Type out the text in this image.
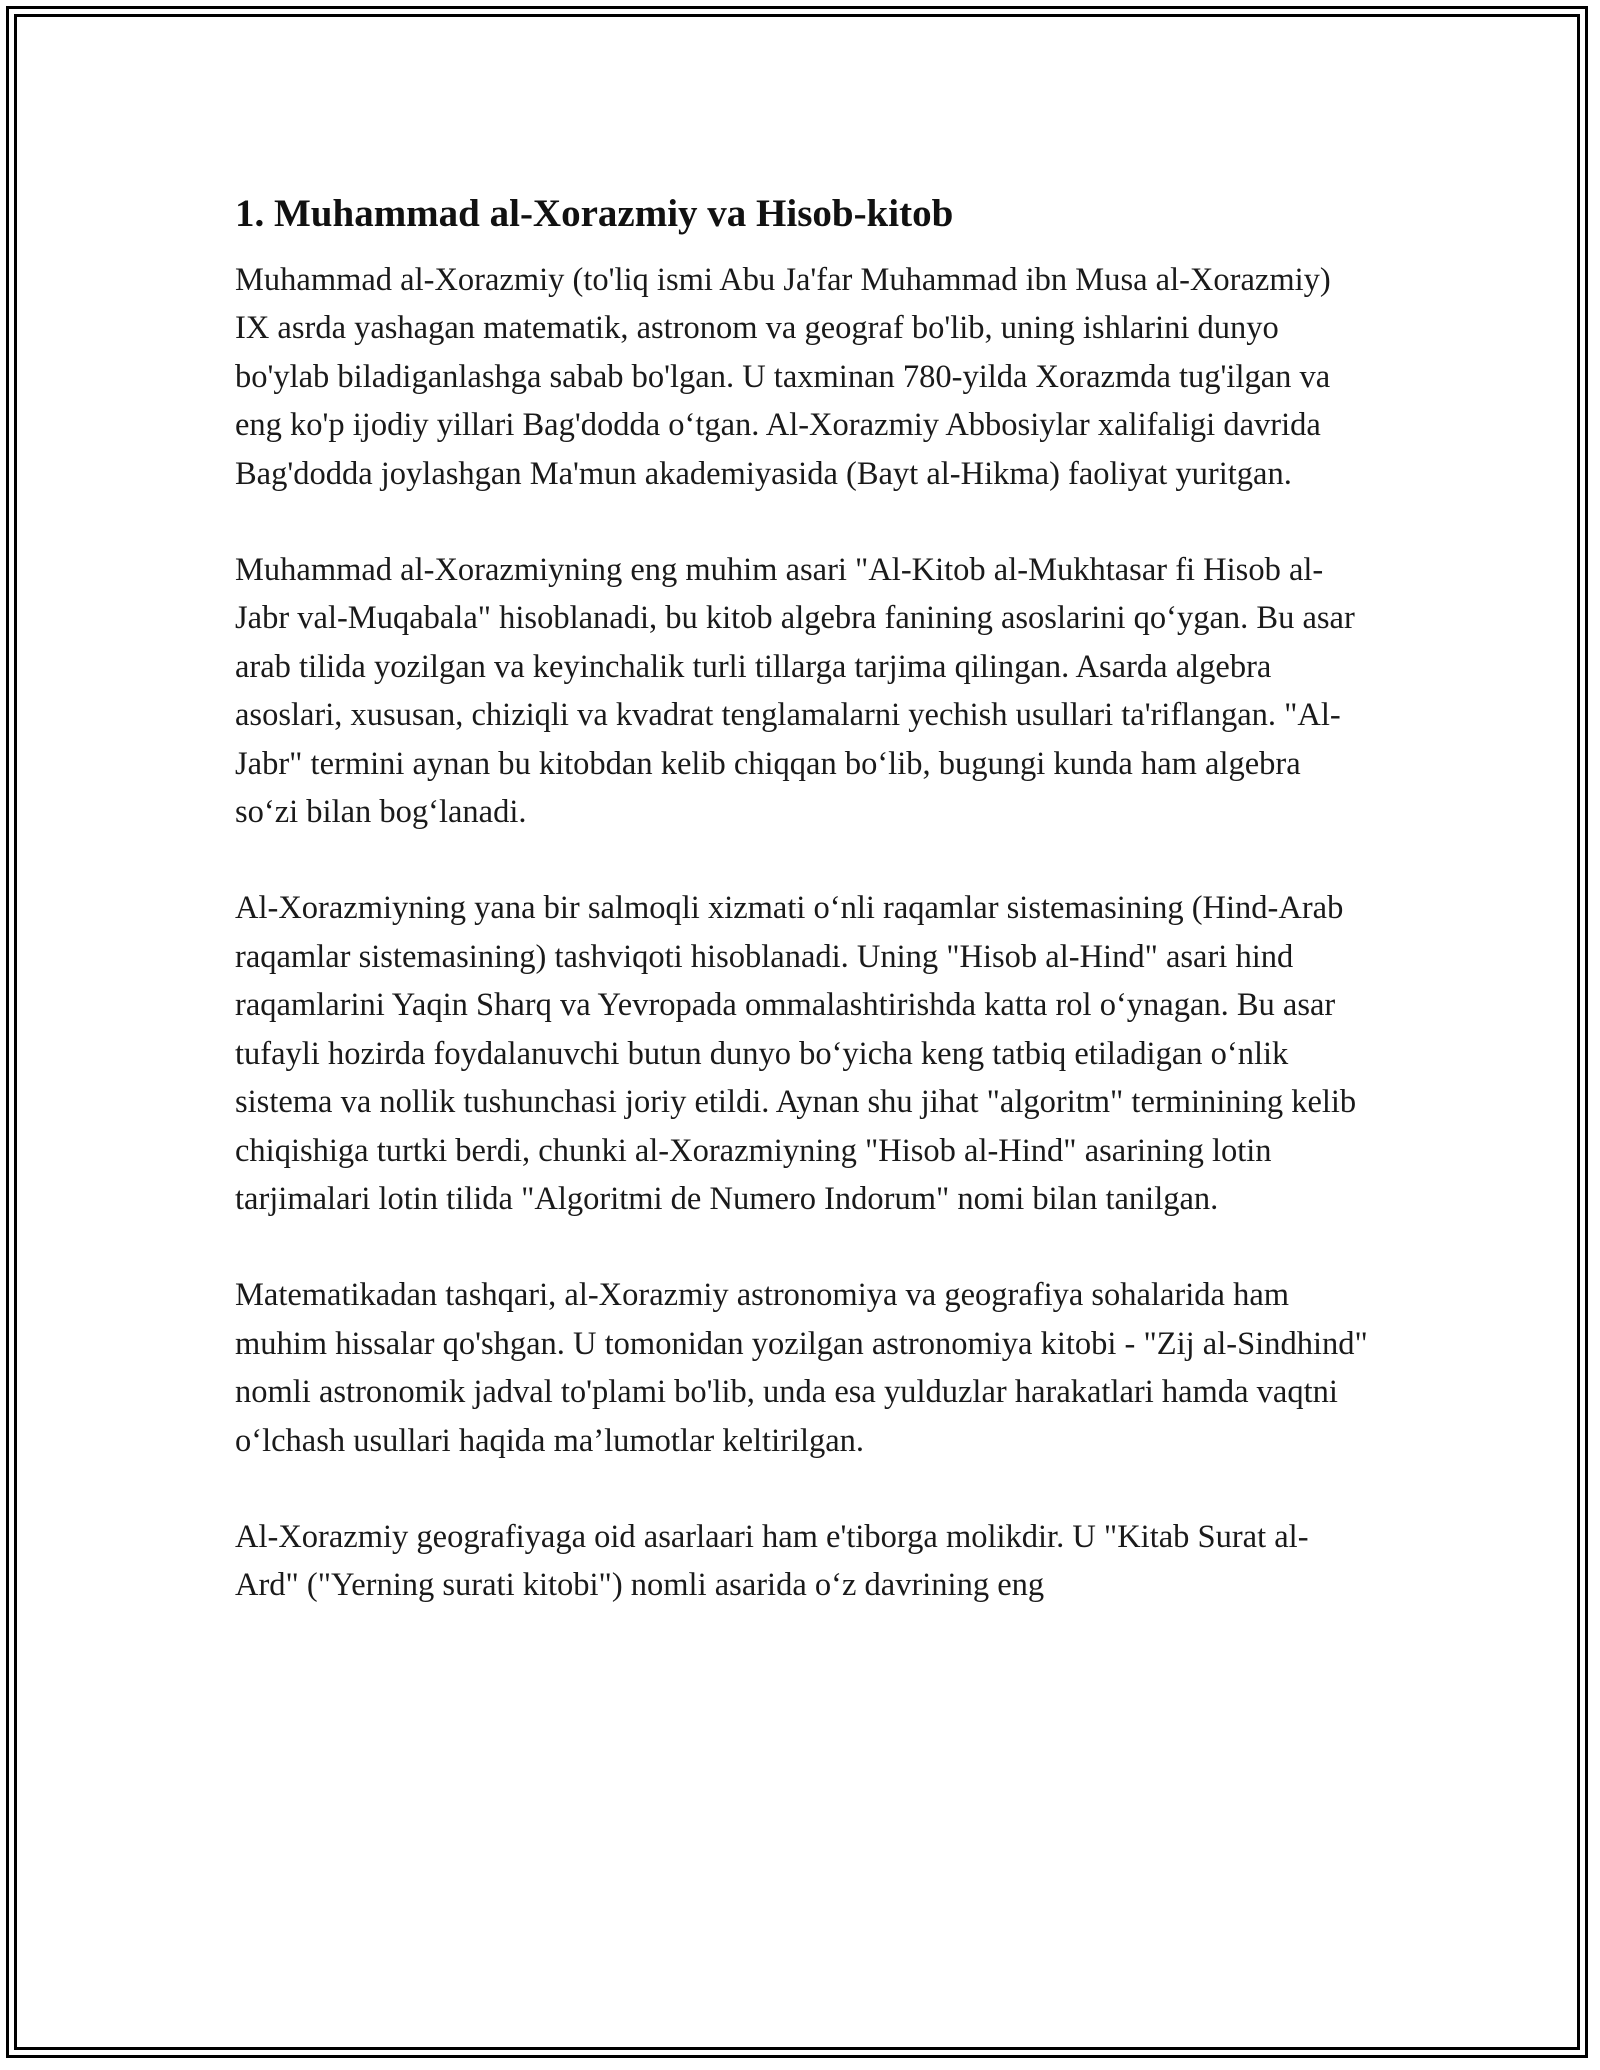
1. Muhammad al-Xorazmiy va Hisob-kitob

Muhammad al-Xorazmiy (to'liq ismi Abu Ja'far Muhammad ibn Musa al-Xorazmiy) IX asrda yashagan matematik, astronom va geograf bo'lib, uning ishlarini dunyo bo'ylab biladiganlashga sabab bo'lgan. U taxminan 780-yilda Xorazmda tug'ilgan va eng ko'p ijodiy yillari Bag'dodda o‘tgan. Al-Xorazmiy Abbosiylar xalifaligi davrida Bag'dodda joylashgan Ma'mun akademiyasida (Bayt al-Hikma) faoliyat yuritgan.

Muhammad al-Xorazmiyning eng muhim asari "Al-Kitob al-Mukhtasar fi Hisob al-Jabr val-Muqabala" hisoblanadi, bu kitob algebra fanining asoslarini qo‘ygan. Bu asar arab tilida yozilgan va keyinchalik turli tillarga tarjima qilingan. Asarda algebra asoslari, xususan, chiziqli va kvadrat tenglamalarni yechish usullari ta'riflangan. "Al-Jabr" termini aynan bu kitobdan kelib chiqqan bo‘lib, bugungi kunda ham algebra so‘zi bilan bog‘lanadi.

Al-Xorazmiyning yana bir salmoqli xizmati o‘nli raqamlar sistemasining (Hind-Arab raqamlar sistemasining) tashviqoti hisoblanadi. Uning "Hisob al-Hind" asari hind raqamlarini Yaqin Sharq va Yevropada ommalashtirishda katta rol o‘ynagan. Bu asar tufayli hozirda foydalanuvchi butun dunyo bo‘yicha keng tatbiq etiladigan o‘nlik sistema va nollik tushunchasi joriy etildi. Aynan shu jihat "algoritm" terminining kelib chiqishiga turtki berdi, chunki al-Xorazmiyning "Hisob al-Hind" asarining lotin tarjimalari lotin tilida "Algoritmi de Numero Indorum" nomi bilan tanilgan.

Matematikadan tashqari, al-Xorazmiy astronomiya va geografiya sohalarida ham muhim hissalar qo'shgan. U tomonidan yozilgan astronomiya kitobi - "Zij al-Sindhind" nomli astronomik jadval to'plami bo'lib, unda esa yulduzlar harakatlari hamda vaqtni o‘lchash usullari haqida ma’lumotlar keltirilgan.

Al-Xorazmiy geografiyaga oid asarlaari ham e'tiborga molikdir. U "Kitab Surat al-Ard" ("Yerning surati kitobi") nomli asarida o‘z davrining eng
